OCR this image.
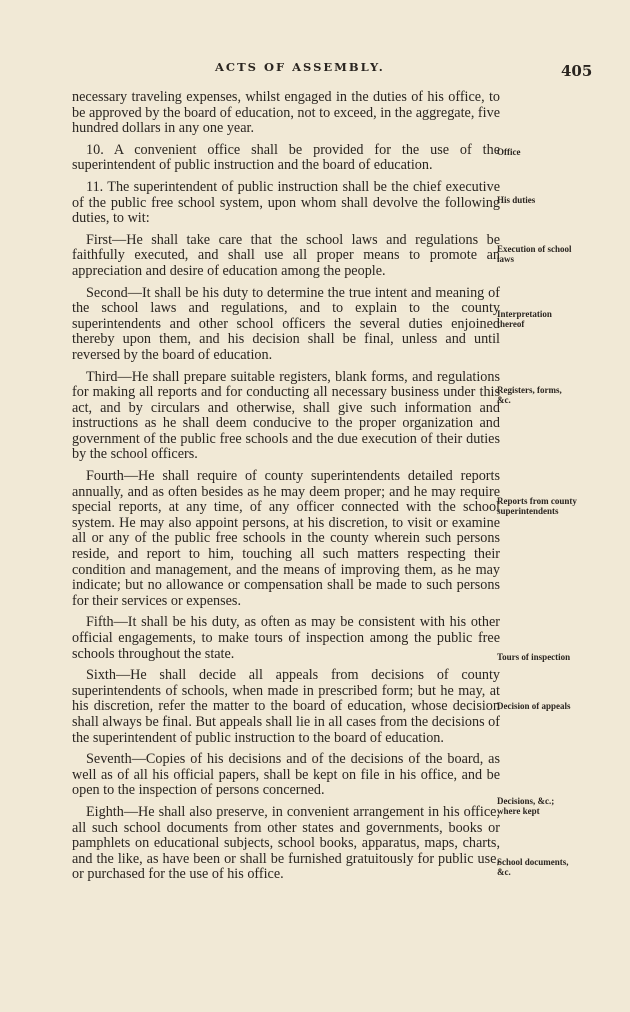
ACTS OF ASSEMBLY.	405

necessary traveling expenses, whilst engaged in the duties of his office, to be approved by the board of education, not to exceed, in the aggregate, five hundred dollars in any one year.

10. A convenient office shall be provided for the use of the superintendent of public instruction and the board of education.

11. The superintendent of public instruction shall be the chief executive of the public free school system, upon whom shall devolve the following duties, to wit:

First—He shall take care that the school laws and regulations be faithfully executed, and shall use all proper means to promote an appreciation and desire of education among the people.

Second—It shall be his duty to determine the true intent and meaning of the school laws and regulations, and to explain to the county superintendents and other school officers the several duties enjoined thereby upon them, and his decision shall be final, unless and until reversed by the board of education.

Third—He shall prepare suitable registers, blank forms, and regulations for making all reports and for conducting all necessary business under this act, and by circulars and otherwise, shall give such information and instructions as he shall deem conducive to the proper organization and government of the public free schools and the due execution of their duties by the school officers.

Fourth—He shall require of county superintendents detailed reports annually, and as often besides as he may deem proper; and he may require special reports, at any time, of any officer connected with the school system. He may also appoint persons, at his discretion, to visit or examine all or any of the public free schools in the county wherein such persons reside, and report to him, touching all such matters respecting their condition and management, and the means of improving them, as he may indicate; but no allowance or compensation shall be made to such persons for their services or expenses.

Fifth—It shall be his duty, as often as may be consistent with his other official engagements, to make tours of inspection among the public free schools throughout the state.

Sixth—He shall decide all appeals from decisions of county superintendents of schools, when made in prescribed form; but he may, at his discretion, refer the matter to the board of education, whose decision shall always be final. But appeals shall lie in all cases from the decisions of the superintendent of public instruction to the board of education.

Seventh—Copies of his decisions and of the decisions of the board, as well as of all his official papers, shall be kept on file in his office, and be open to the inspection of persons concerned.

Eighth—He shall also preserve, in convenient arrangement in his office, all such school documents from other states and governments, books or pamphlets on educational subjects, school books, apparatus, maps, charts, and the like, as have been or shall be furnished gratuitously for public use, or purchased for the use of his office.

Office
His duties
Execution of school laws
Interpretation thereof
Registers, forms, &c.
Reports from county superintendents
Tours of inspection
Decision of appeals
Decisions, &c.; where kept
School documents, &c.
